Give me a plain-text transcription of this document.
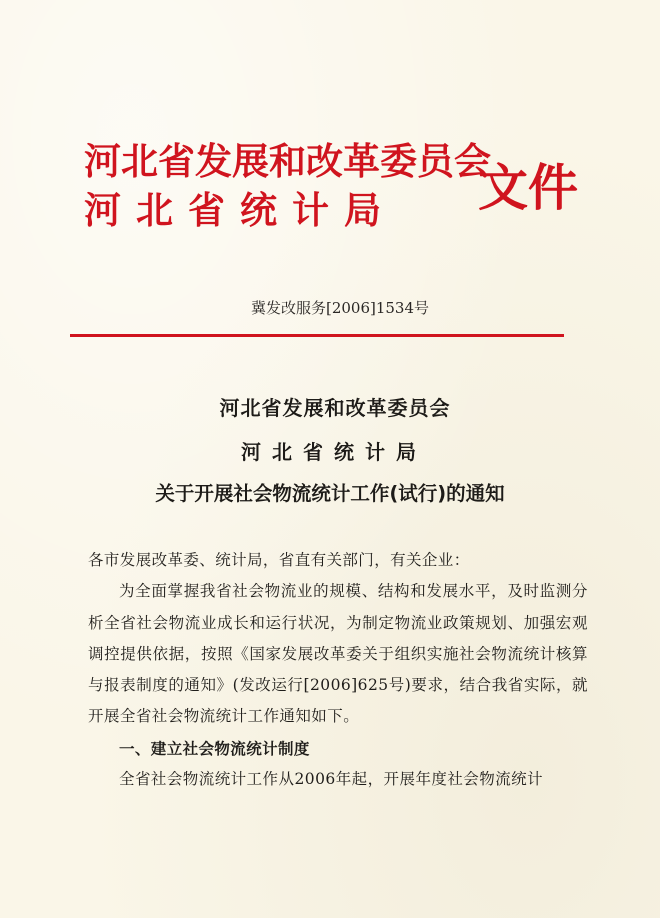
河北省发展和改革委员会
河北省统计局 文件
冀发改服务[2006]1534号
河北省发展和改革委员会
河北省统计局
关于开展社会物流统计工作(试行)的通知
各市发展改革委、统计局，省直有关部门，有关企业：
为全面掌握我省社会物流业的规模、结构和发展水平，及时监测分析全省社会物流业成长和运行状况，为制定物流业政策规划、加强宏观调控提供依据，按照《国家发展改革委关于组织实施社会物流统计核算与报表制度的通知》(发改运行[2006]625号)要求，结合我省实际，就开展全省社会物流统计工作通知如下。
一、建立社会物流统计制度
全省社会物流统计工作从2006年起，开展年度社会物流统计
